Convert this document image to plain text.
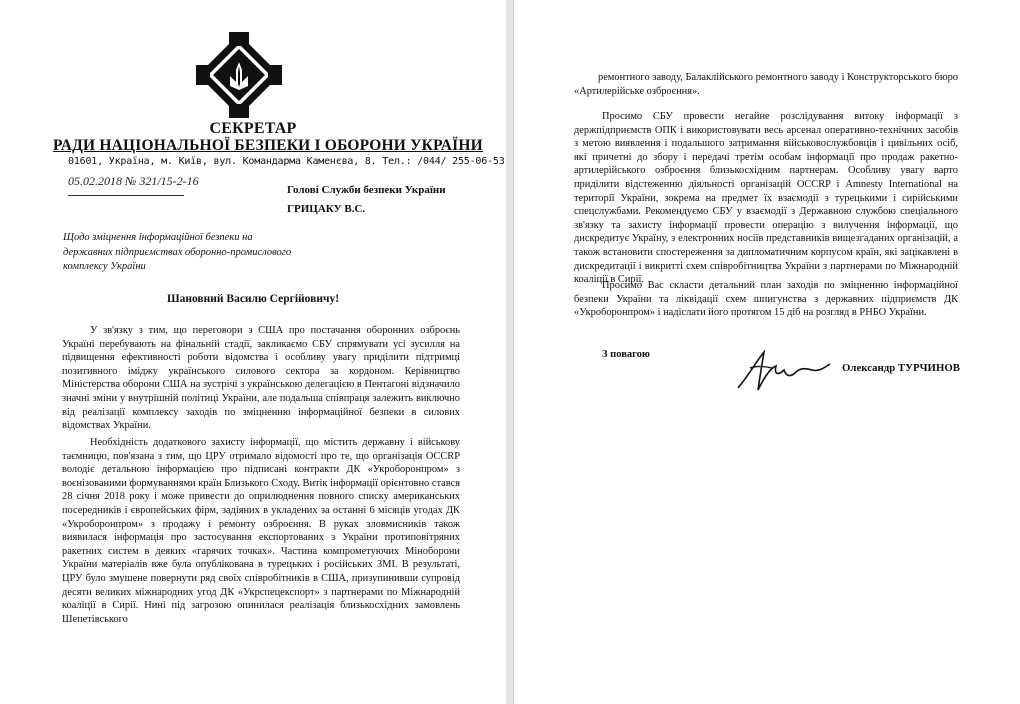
СЕКРЕТАР
РАДИ НАЦІОНАЛЬНОЇ БЕЗПЕКИ І ОБОРОНИ УКРАЇНИ
01601, Україна, м. Київ, вул. Командарма Каменєва, 8. Тел.: /044/ 255-06-53
05.02.2018 № 321/15-2-16
Голові Служби безпеки України
ГРИЦАКУ В.С.
Щодо зміцнення інформаційної безпеки на державних підприємствах оборонно-промислового комплексу України
Шановний Василю Сергійовичу!
У зв'язку з тим, що переговори з США про постачання оборонних озброєнь Україні перебувають на фінальній стадії, закликаємо СБУ спрямувати усі зусилля на підвищення ефективності роботи відомства і особливу увагу приділити підтримці позитивного іміджу українського силового сектора за кордоном. Керівництво Міністерства оборони США на зустрічі з українською делегацією в Пентагоні відзначило значні зміни у внутрішній політиці України, але подальша співпраця залежить виключно від реалізації комплексу заходів по зміцненню інформаційної безпеки в силових відомствах України.
Необхідність додаткового захисту інформації, що містить державну і військову таємницю, пов'язана з тим, що ЦРУ отримало відомості про те, що організація OCCRP володіє детальною інформацією про підписані контракти ДК «Укроборонпром» з воєнізованими формуваннями країн Близького Сходу. Витік інформації орієнтовно стався 28 січня 2018 року і може привести до оприлюднення повного списку американських посередників і європейських фірм, задіяних в укладених за останні 6 місяців угодах ДК «Укроборонпром» з продажу і ремонту озброєння. В руках зловмисників також виявилася інформація про застосування експортованих з України протиповітряних ракетних систем в деяких «гарячих точках». Частина компрометуючих Міноборони України матеріалів вже була опублікована в турецьких і російських ЗМІ. В результаті, ЦРУ було змушене повернути ряд своїх співробітників в США, призупинивши супровід десяти великих міжнародних угод ДК «Укрспецекспорт» з партнерами по Міжнародній коаліції в Сирії. Нині під загрозою опинилася реалізація близькосхідних замовлень Шепетівського
ремонтного заводу, Балаклійського ремонтного заводу і Конструкторського бюро «Артилерійське озброєння».
Просимо СБУ провести негайне розслідування витоку інформації з держпідприємств ОПК і використовувати весь арсенал оперативно-технічних засобів з метою виявлення і подальшого затримання військовослужбовців і цивільних осіб, які причетні до збору і передачі третім особам інформації про продаж ракетно-артилерійського озброєння близькосхідним партнерам. Особливу увагу варто приділити відстеженню діяльності організацій OCCRP і Amnesty International на території України, зокрема на предмет їх взаємодії з турецькими і сирійськими спецслужбами. Рекомендуємо СБУ у взаємодії з Державною службою спеціального зв'язку та захисту інформації провести операцію з вилучення інформації, що дискредитує Україну, з електронних носіїв представників вищезгаданих організацій, а також встановити спостереження за дипломатичним корпусом країн, які зацікавлені в дискредитації і викритті схем співробітництва України з партнерами по Міжнародній коаліції в Сирії.
Просимо Вас скласти детальний план заходів по зміцненню інформаційної безпеки України та ліквідації схем шпигунства з державних підприємств ДК «Укроборонпром» і надіслати його протягом 15 діб на розгляд в РНБО України.
З повагою
Олександр ТУРЧИНОВ
